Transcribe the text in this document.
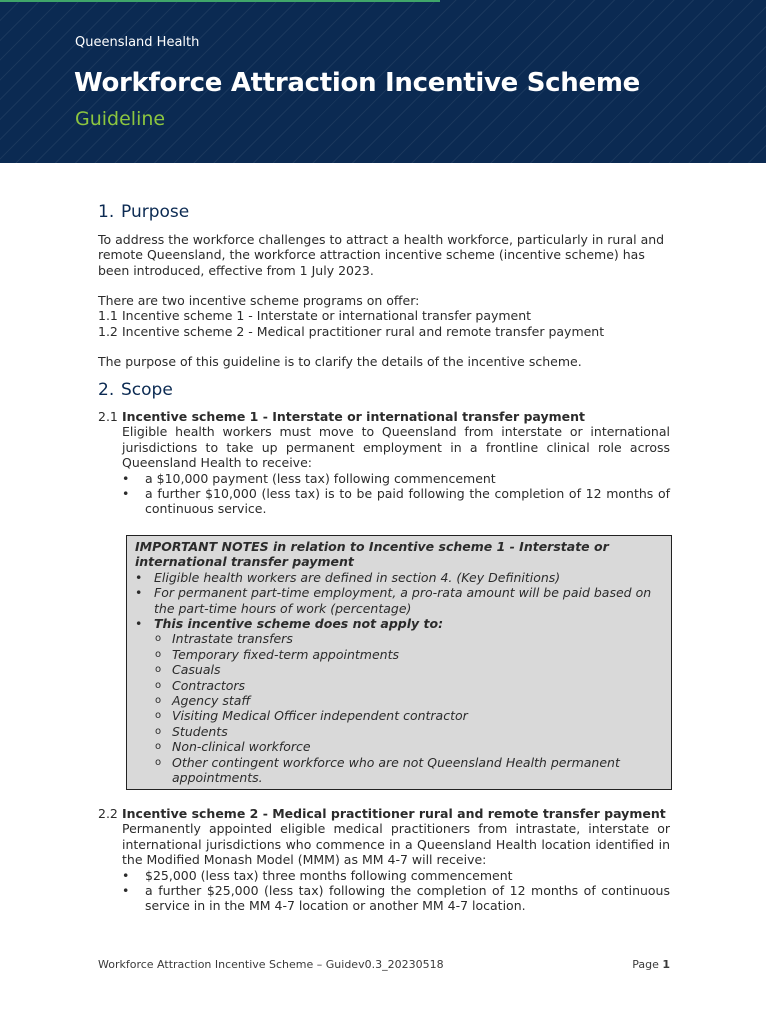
Queensland Health
Workforce Attraction Incentive Scheme
Guideline
1. Purpose

To address the workforce challenges to attract a health workforce, particularly in rural and remote Queensland, the workforce attraction incentive scheme (incentive scheme) has been introduced, effective from 1 July 2023.

There are two incentive scheme programs on offer:

1.1 Incentive scheme 1 - Interstate or international transfer payment
1.2 Incentive scheme 2 - Medical practitioner rural and remote transfer payment

The purpose of this guideline is to clarify the details of the incentive scheme.

2. Scope
2.1 Incentive scheme 1 - Interstate or international transfer payment

Eligible health workers must move to Queensland from interstate or international jurisdictions to take up permanent employment in a frontline clinical role across Queensland Health to receive:

• a $10,000 payment (less tax) following commencement
• a further $10,000 (less tax) is to be paid following the completion of 12 months of continuous service.
2.2 Incentive scheme 2 - Medical practitioner rural and remote transfer payment

Permanently appointed eligible medical practitioners from intrastate, interstate or international jurisdictions who commence in a Queensland Health location identified in the Modified Monash Model (MMM) as MM 4-7 will receive:

• $25,000 (less tax) three months following commencement
• a further $25,000 (less tax) following the completion of 12 months of continuous service in in the MM 4-7 location or another MM 4-7 location.
IMPORTANT NOTES in relation to Incentive scheme 1 - Interstate or international transfer payment
• Eligible health workers are defined in section 4. (Key Definitions)
• For permanent part-time employment, a pro-rata amount will be paid based on the part-time hours of work (percentage)
• This incentive scheme does not apply to:
o Intrastate transfers
o Temporary fixed-term appointments
o Casuals
o Contractors
o Agency staff
o Visiting Medical Officer independent contractor
o Students
o Non-clinical workforce
o Other contingent workforce who are not Queensland Health permanent appointments.
Workforce Attraction Incentive Scheme – Guidev0.3_20230518	Page 1
